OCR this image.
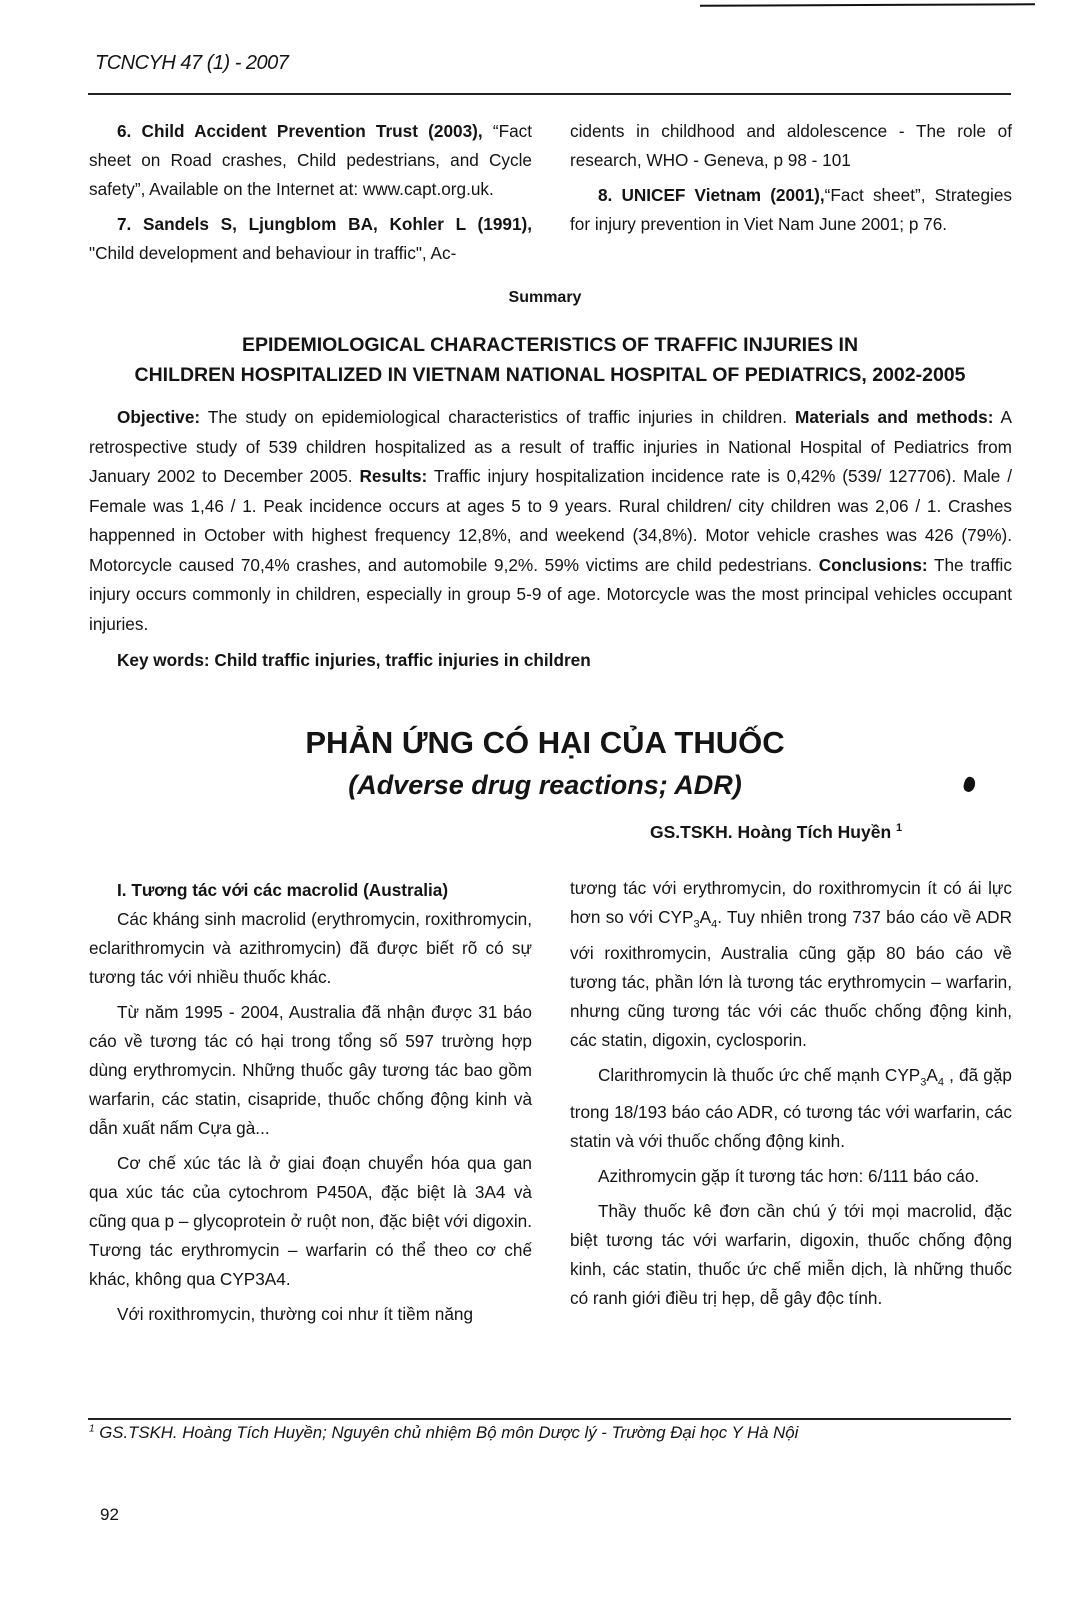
TCNCYH 47 (1) - 2007

6. Child Accident Prevention Trust (2003), “Fact sheet on Road crashes, Child pedestrians, and Cycle safety”, Available on the Internet at: www.capt.org.uk.

7. Sandels S, Ljungblom BA, Kohler L (1991), "Child development and behaviour in traffic", Ac-

cidents in childhood and aldolescence - The role of research, WHO - Geneva, p 98 - 101

8. UNICEF Vietnam (2001),“Fact sheet”, Strategies for injury prevention in Viet Nam June 2001; p 76.

Summary
EPIDEMIOLOGICAL CHARACTERISTICS OF TRAFFIC INJURIES IN
CHILDREN HOSPITALIZED IN VIETNAM NATIONAL HOSPITAL OF PEDIATRICS, 2002-2005

Objective: The study on epidemiological characteristics of traffic injuries in children. Materials and methods: A retrospective study of 539 children hospitalized as a result of traffic injuries in National Hospital of Pediatrics from January 2002 to December 2005. Results: Traffic injury hospitalization incidence rate is 0,42% (539/ 127706). Male / Female was 1,46 / 1. Peak incidence occurs at ages 5 to 9 years. Rural children/ city children was 2,06 / 1. Crashes happenned in October with highest frequency 12,8%, and weekend (34,8%). Motor vehicle crashes was 426 (79%). Motorcycle caused 70,4% crashes, and automobile 9,2%. 59% victims are child pedestrians. Conclusions: The traffic injury occurs commonly in children, especially in group 5-9 of age. Motorcycle was the most principal vehicles occupant injuries.

Key words: Child traffic injuries, traffic injuries in children
PHẢN ỨNG CÓ HẠI CỦA THUỐC
(Adverse drug reactions; ADR)
GS.TSKH. Hoàng Tích Huyền $^1$

I. Tương tác với các macrolid (Australia)

Các kháng sinh macrolid (erythromycin, roxithromycin, eclarithromycin và azithromycin) đã được biết rõ có sự tương tác với nhiều thuốc khác.

Từ năm 1995 - 2004, Australia đã nhận được 31 báo cáo về tương tác có hại trong tổng số 597 trường hợp dùng erythromycin. Những thuốc gây tương tác bao gồm warfarin, các statin, cisapride, thuốc chống động kinh và dẫn xuất nấm Cựa gà...

Cơ chế xúc tác là ở giai đoạn chuyển hóa qua gan qua xúc tác của cytochrom P450A, đặc biệt là 3A4 và cũng qua p – glycoprotein ở ruột non, đặc biệt với digoxin. Tương tác erythromycin – warfarin có thể theo cơ chế khác, không qua CYP3A4.

Với roxithromycin, thường coi như ít tiềm năng

tương tác với erythromycin, do roxithromycin ít có ái lực hơn so với $CYP_3A_4$. Tuy nhiên trong 737 báo cáo về ADR với roxithromycin, Australia cũng gặp 80 báo cáo về tương tác, phần lớn là tương tác erythromycin – warfarin, nhưng cũng tương tác với các thuốc chống động kinh, các statin, digoxin, cyclosporin.

Clarithromycin là thuốc ức chế mạnh $CYP_3A_4$ , đã gặp trong 18/193 báo cáo ADR, có tương tác với warfarin, các statin và với thuốc chống động kinh.

Azithromycin gặp ít tương tác hơn: 6/111 báo cáo.

Thầy thuốc kê đơn cần chú ý tới mọi macrolid, đặc biệt tương tác với warfarin, digoxin, thuốc chống động kinh, các statin, thuốc ức chế miễn dịch, là những thuốc có ranh giới điều trị hẹp, dễ gây độc tính.

$^1$ GS.TSKH. Hoàng Tích Huyền; Nguyên chủ nhiệm Bộ môn Dược lý - Trường Đại học Y Hà Nội
92
